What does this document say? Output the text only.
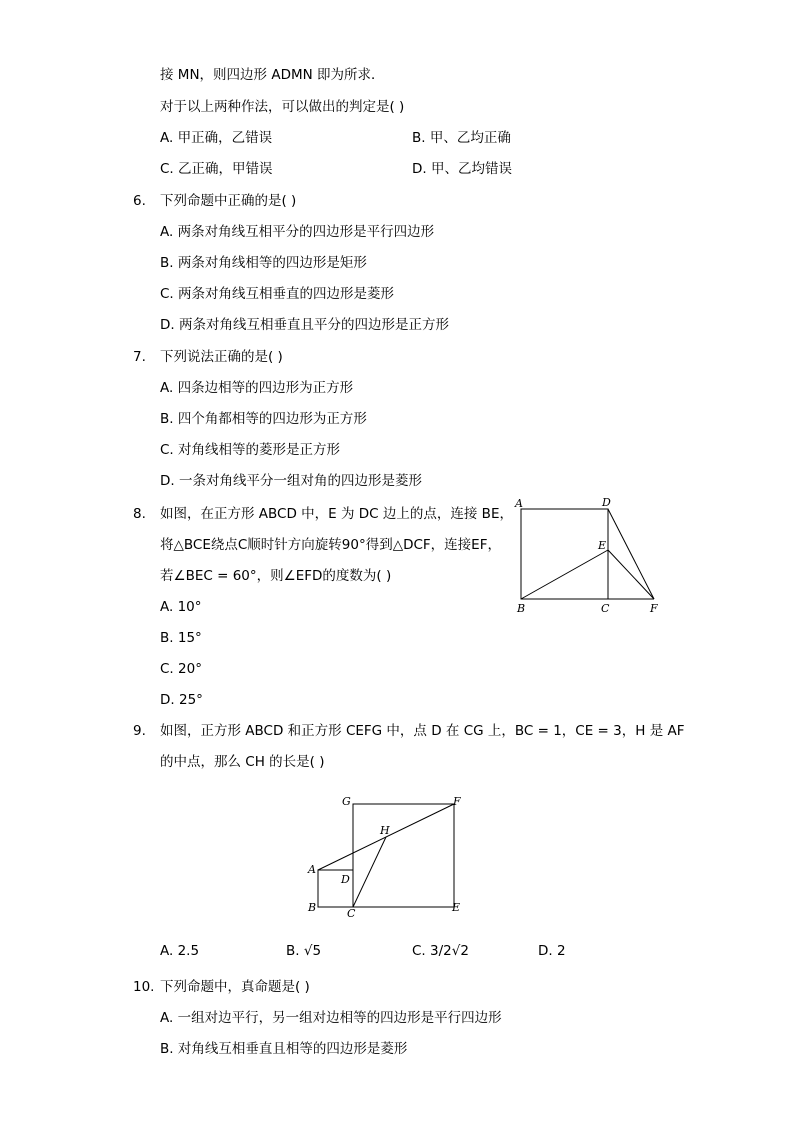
接 MN，则四边形 ADMN 即为所求．
对于以上两种作法，可以做出的判定是( )
A. 甲正确，乙错误	B. 甲、乙均正确
C. 乙正确，甲错误	D. 甲、乙均错误
6. 下列命题中正确的是( )
A. 两条对角线互相平分的四边形是平行四边形
B. 两条对角线相等的四边形是矩形
C. 两条对角线互相垂直的四边形是菱形
D. 两条对角线互相垂直且平分的四边形是正方形
7. 下列说法正确的是( )
A. 四条边相等的四边形为正方形
B. 四个角都相等的四边形为正方形
C. 对角线相等的菱形是正方形
D. 一条对角线平分一组对角的四边形是菱形
8. 如图，在正方形 ABCD 中，E 为 DC 边上的点，连接 BE，
将△BCE绕点C顺时针方向旋转90°得到△DCF，连接EF，
若∠BEC = 60°，则∠EFD的度数为( )
A. 10°
B. 15°
C. 20°
D. 25°
A	D
E
B	C	F
9. 如图，正方形 ABCD 和正方形 CEFG 中，点 D 在 CG 上，BC = 1，CE = 3，H 是 AF
的中点，那么 CH 的长是( )
G	F
H
A
D
B	C	E
A. 2.5	B. √5	C. 3/2√2	D. 2
10. 下列命题中，真命题是( )
A. 一组对边平行，另一组对边相等的四边形是平行四边形
B. 对角线互相垂直且相等的四边形是菱形
